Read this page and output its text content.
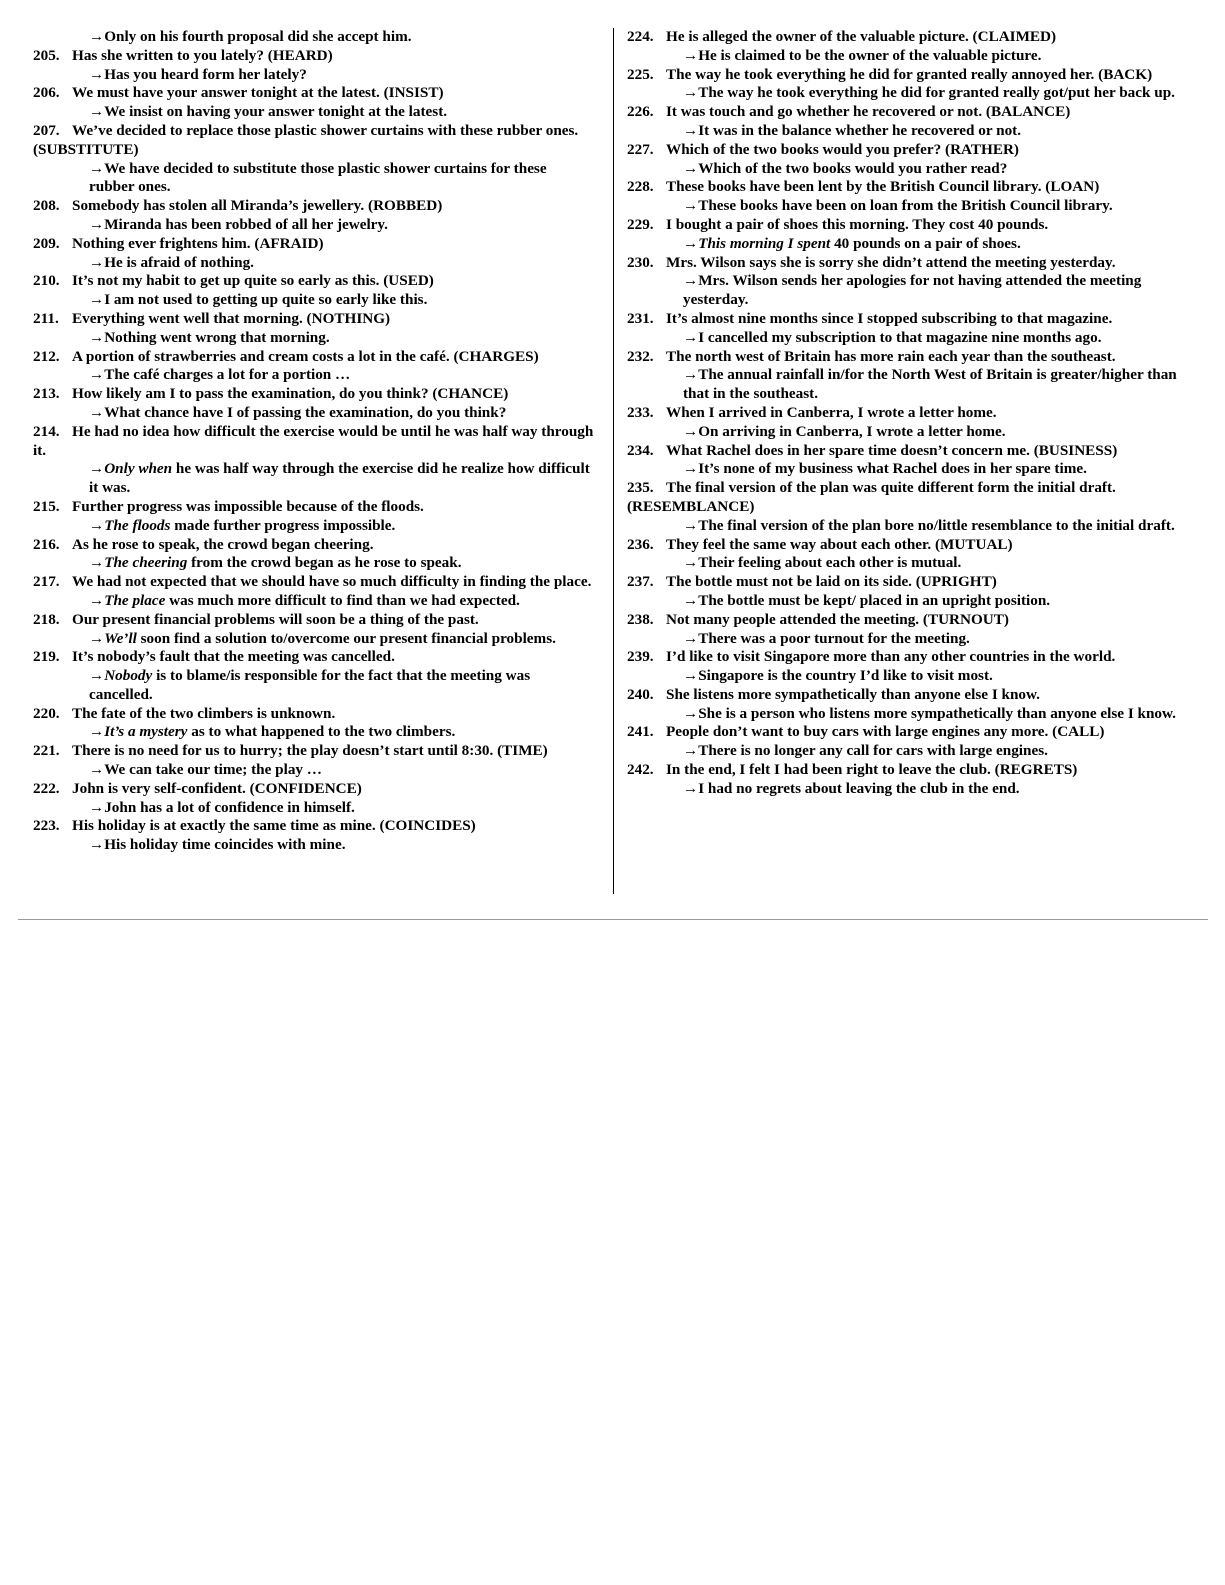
→Only on his fourth proposal did she accept him.

205. Has she written to you lately? (HEARD)

→Has you heard form her lately?

206. We must have your answer tonight at the latest. (INSIST)

→We insist on having your answer tonight at the latest.

207. We’ve decided to replace those plastic shower curtains with these rubber ones. (SUBSTITUTE)

→We have decided to substitute those plastic shower curtains for these rubber ones.

208. Somebody has stolen all Miranda’s jewellery. (ROBBED)

→Miranda has been robbed of all her jewelry.

209. Nothing ever frightens him. (AFRAID)

→He is afraid of nothing.

210. It’s not my habit to get up quite so early as this. (USED)

→I am not used to getting up quite so early like this.

211. Everything went well that morning. (NOTHING)

→Nothing went wrong that morning.

212. A portion of strawberries and cream costs a lot in the café. (CHARGES)

→The café charges a lot for a portion …

213. How likely am I to pass the examination, do you think? (CHANCE)

→What chance have I of passing the examination, do you think?

214. He had no idea how difficult the exercise would be until he was half way through it.

→Only when he was half way through the exercise did he realize how difficult it was.

215. Further progress was impossible because of the floods.

→The floods made further progress impossible.

216. As he rose to speak, the crowd began cheering.

→The cheering from the crowd began as he rose to speak.

217. We had not expected that we should have so much difficulty in finding the place.

→The place was much more difficult to find than we had expected.

218. Our present financial problems will soon be a thing of the past.

→We’ll soon find a solution to/overcome our present financial problems.

219. It’s nobody’s fault that the meeting was cancelled.

→Nobody is to blame/is responsible for the fact that the meeting was cancelled.

220. The fate of the two climbers is unknown.

→It’s a mystery as to what happened to the two climbers.

221. There is no need for us to hurry; the play doesn’t start until 8:30. (TIME)

→We can take our time; the play …

222. John is very self-confident. (CONFIDENCE)

→John has a lot of confidence in himself.

223. His holiday is at exactly the same time as mine. (COINCIDES)

→His holiday time coincides with mine.

224. He is alleged the owner of the valuable picture. (CLAIMED)

→He is claimed to be the owner of the valuable picture.

225. The way he took everything he did for granted really annoyed her. (BACK)

→The way he took everything he did for granted really got/put her back up.

226. It was touch and go whether he recovered or not. (BALANCE)

→It was in the balance whether he recovered or not.

227. Which of the two books would you prefer? (RATHER)

→Which of the two books would you rather read?

228. These books have been lent by the British Council library. (LOAN)

→These books have been on loan from the British Council library.

229. I bought a pair of shoes this morning. They cost 40 pounds.

→This morning I spent 40 pounds on a pair of shoes.

230. Mrs. Wilson says she is sorry she didn’t attend the meeting yesterday.

→Mrs. Wilson sends her apologies for not having attended the meeting yesterday.

231. It’s almost nine months since I stopped subscribing to that magazine.

→I cancelled my subscription to that magazine nine months ago.

232. The north west of Britain has more rain each year than the southeast.

→The annual rainfall in/for the North West of Britain is greater/higher than that in the southeast.

233. When I arrived in Canberra, I wrote a letter home.

→On arriving in Canberra, I wrote a letter home.

234. What Rachel does in her spare time doesn’t concern me. (BUSINESS)

→It’s none of my business what Rachel does in her spare time.

235. The final version of the plan was quite different form the initial draft. (RESEMBLANCE)

→The final version of the plan bore no/little resemblance to the initial draft.

236. They feel the same way about each other. (MUTUAL)

→Their feeling about each other is mutual.

237. The bottle must not be laid on its side. (UPRIGHT)

→The bottle must be kept/ placed in an upright position.

238. Not many people attended the meeting. (TURNOUT)

→There was a poor turnout for the meeting.

239. I’d like to visit Singapore more than any other countries in the world.

→Singapore is the country I’d like to visit most.

240. She listens more sympathetically than anyone else I know.

→She is a person who listens more sympathetically than anyone else I know.

241. People don’t want to buy cars with large engines any more. (CALL)

→There is no longer any call for cars with large engines.

242. In the end, I felt I had been right to leave the club. (REGRETS)

→I had no regrets about leaving the club in the end.
